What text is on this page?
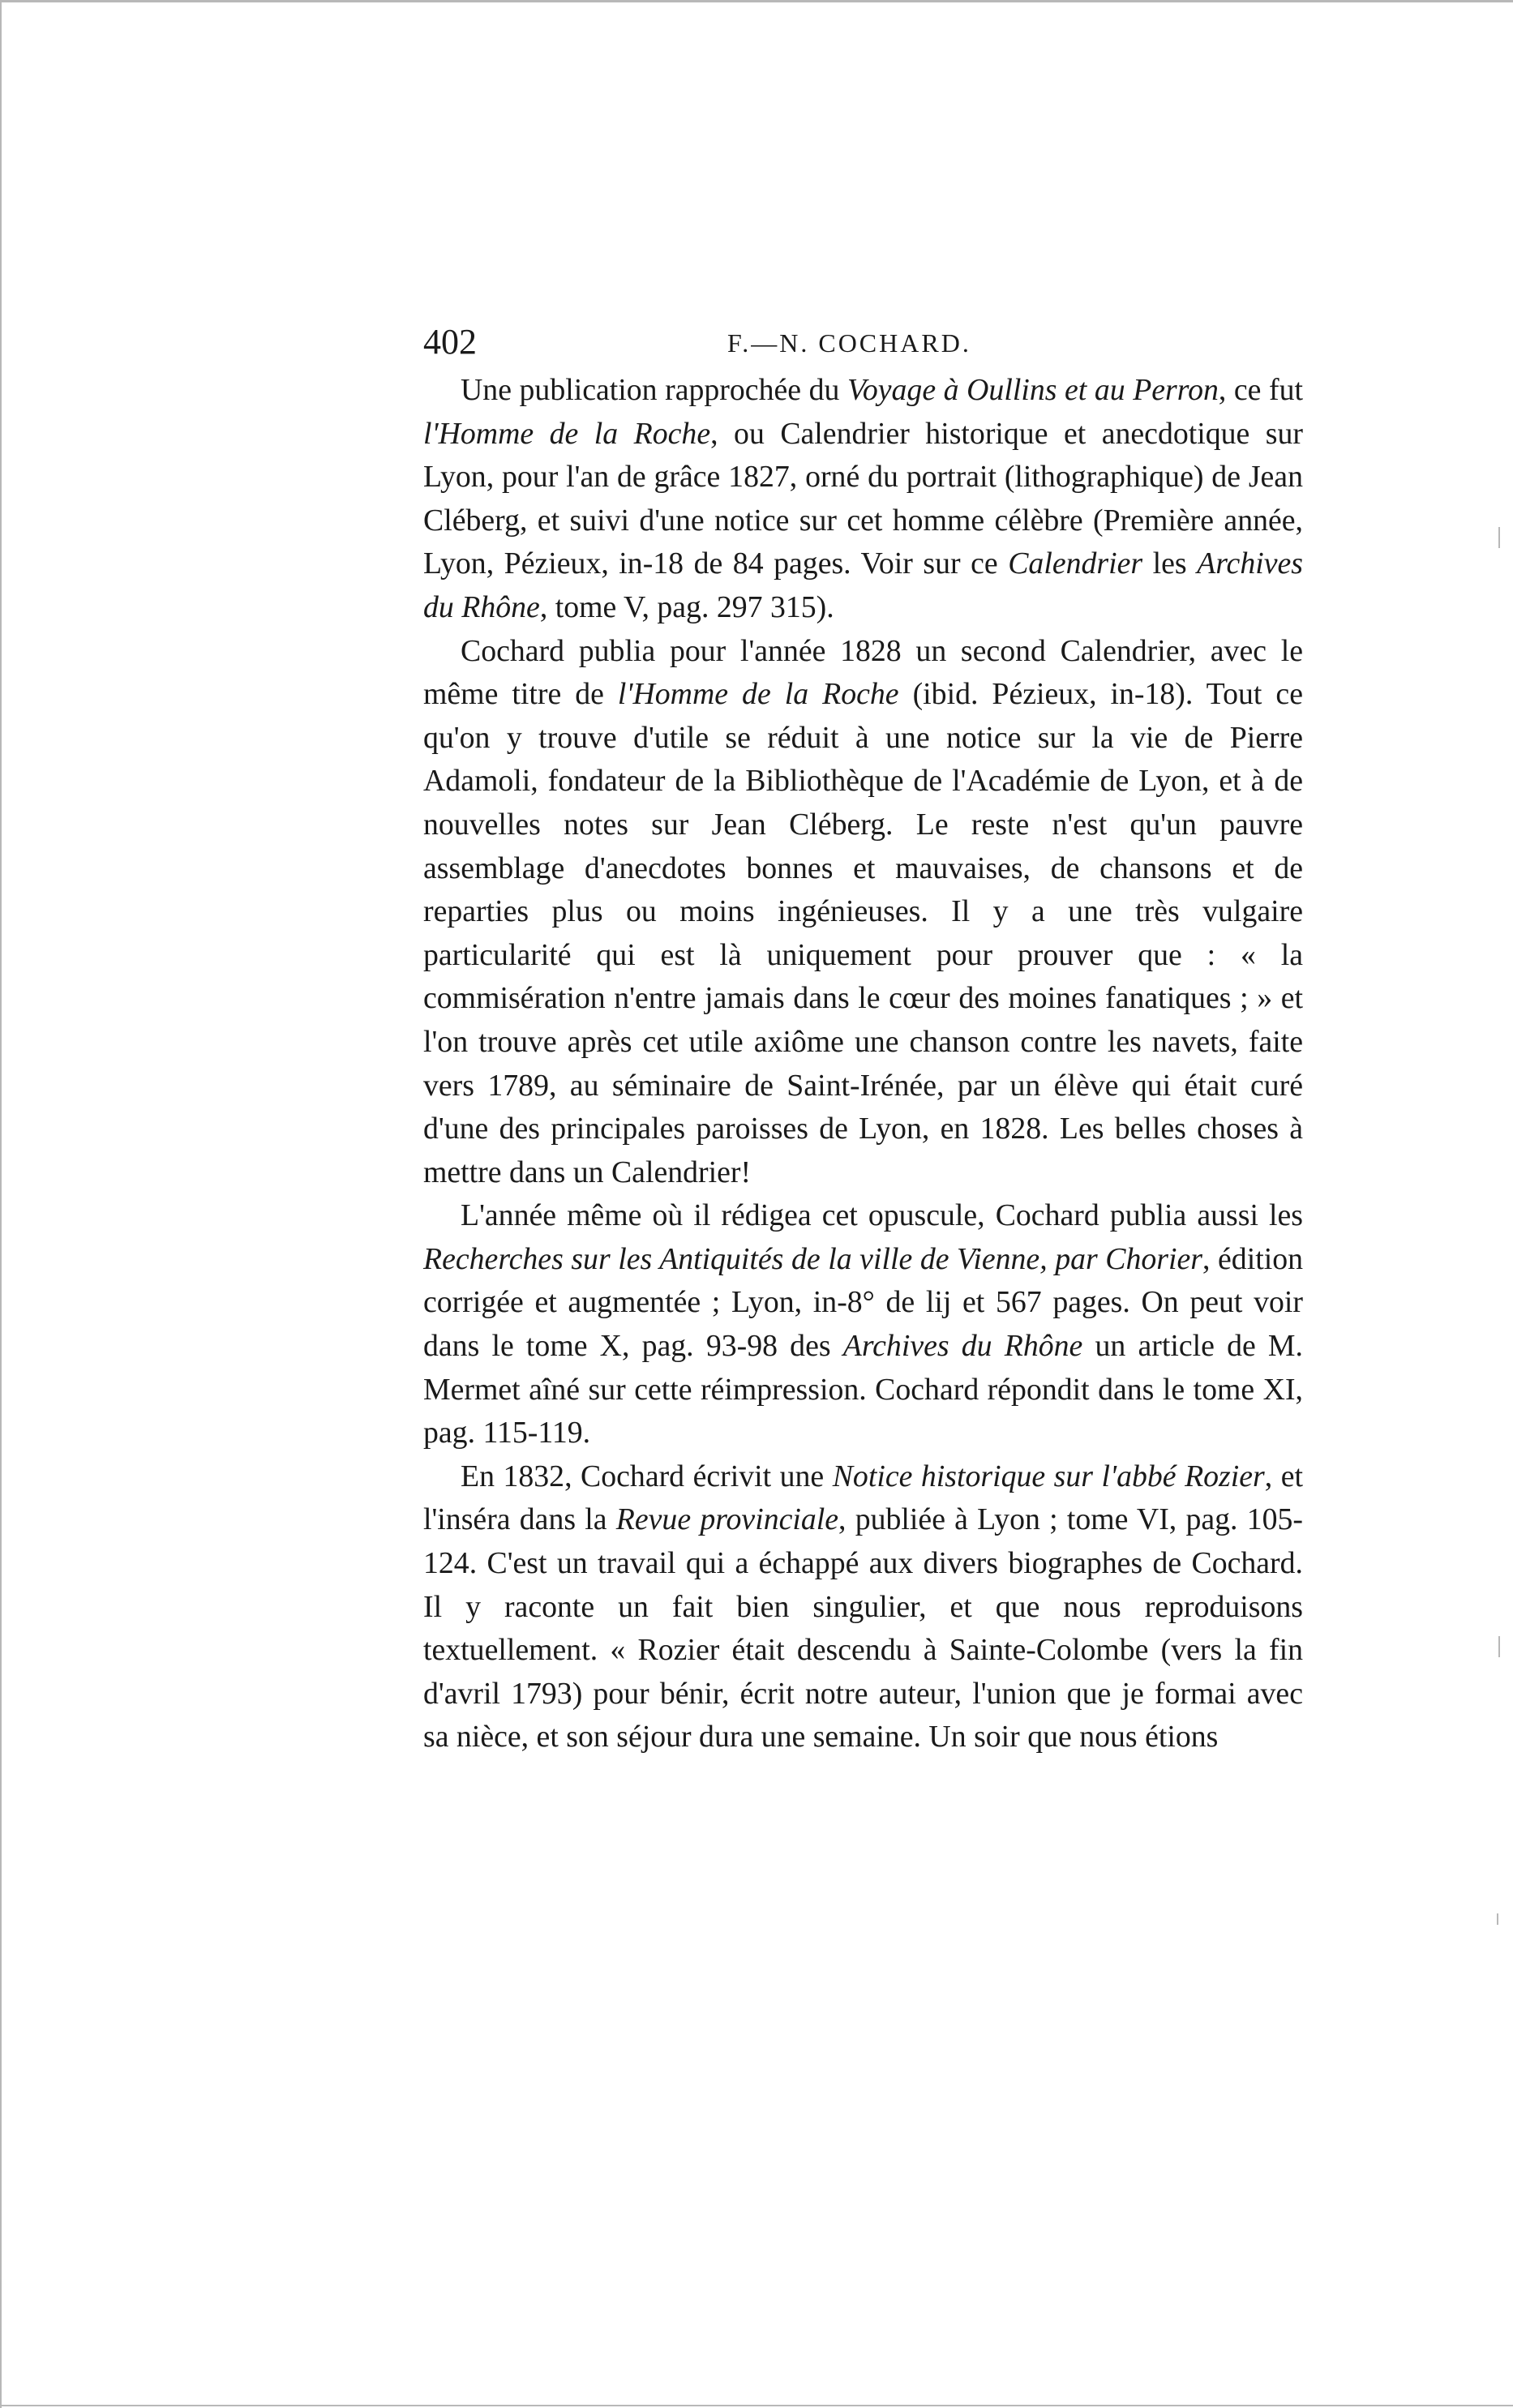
402	F.—N. COCHARD.

Une publication rapprochée du Voyage à Oullins et au Perron, ce fut l'Homme de la Roche, ou Calendrier historique et anecdotique sur Lyon, pour l'an de grâce 1827, orné du portrait (lithographique) de Jean Cléberg, et suivi d'une notice sur cet homme célèbre (Première année, Lyon, Pézieux, in-18 de 84 pages. Voir sur ce Calendrier les Archives du Rhône, tome V, pag. 297 315).

Cochard publia pour l'année 1828 un second Calendrier, avec le même titre de l'Homme de la Roche (ibid. Pézieux, in-18). Tout ce qu'on y trouve d'utile se réduit à une notice sur la vie de Pierre Adamoli, fondateur de la Bibliothèque de l'Académie de Lyon, et à de nouvelles notes sur Jean Cléberg. Le reste n'est qu'un pauvre assemblage d'anecdotes bonnes et mauvaises, de chansons et de reparties plus ou moins ingénieuses. Il y a une très vulgaire particularité qui est là uniquement pour prouver que : « la commisération n'entre jamais dans le cœur des moines fanatiques ; » et l'on trouve après cet utile axiôme une chanson contre les navets, faite vers 1789, au séminaire de Saint-Irénée, par un élève qui était curé d'une des principales paroisses de Lyon, en 1828. Les belles choses à mettre dans un Calendrier!

L'année même où il rédigea cet opuscule, Cochard publia aussi les Recherches sur les Antiquités de la ville de Vienne, par Chorier, édition corrigée et augmentée ; Lyon, in-8° de lij et 567 pages. On peut voir dans le tome X, pag. 93-98 des Archives du Rhône un article de M. Mermet aîné sur cette réimpression. Cochard répondit dans le tome XI, pag. 115-119.

En 1832, Cochard écrivit une Notice historique sur l'abbé Rozier, et l'inséra dans la Revue provinciale, publiée à Lyon ; tome VI, pag. 105-124. C'est un travail qui a échappé aux divers biographes de Cochard. Il y raconte un fait bien singulier, et que nous reproduisons textuellement. « Rozier était descendu à Sainte-Colombe (vers la fin d'avril 1793) pour bénir, écrit notre auteur, l'union que je formai avec sa nièce, et son séjour dura une semaine. Un soir que nous étions
